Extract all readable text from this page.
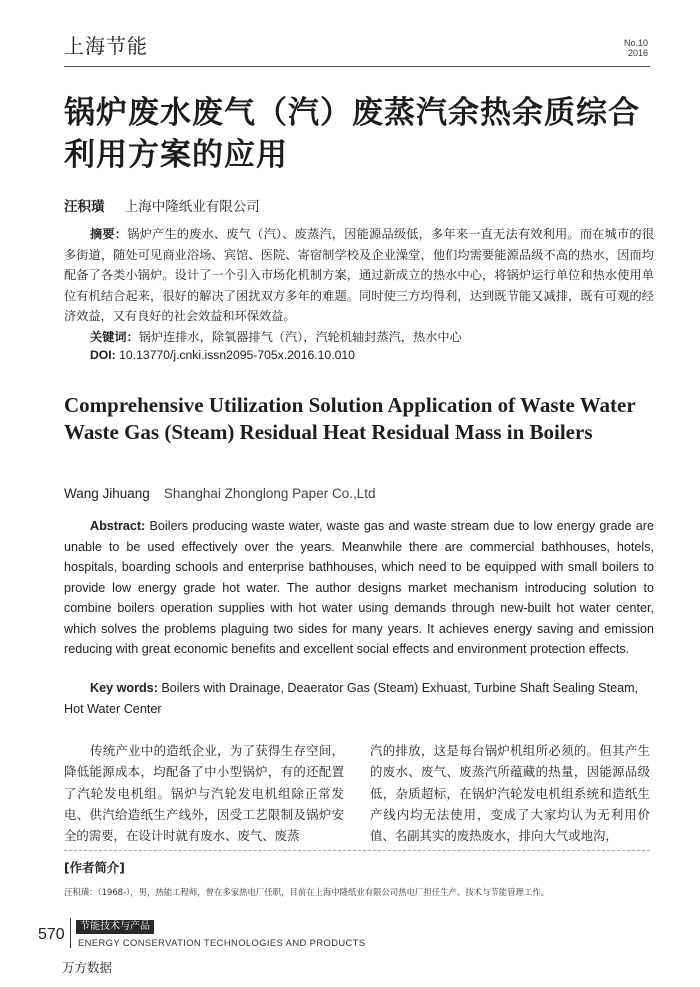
上海节能	No.10
2016
锅炉废水废气（汽）废蒸汽余热余质综合利用方案的应用
汪积璜 上海中隆纸业有限公司
摘要：锅炉产生的废水、废气（汽）、废蒸汽，因能源品级低，多年来一直无法有效利用。而在城市的很多街道，随处可见商业浴场、宾馆、医院、寄宿制学校及企业澡堂，他们均需要能源品级不高的热水，因而均配备了各类小锅炉。设计了一个引入市场化机制方案，通过新成立的热水中心，将锅炉运行单位和热水使用单位有机结合起来，很好的解决了困扰双方多年的难题。同时使三方均得利，达到既节能又减排，既有可观的经济效益，又有良好的社会效益和环保效益。
关键词：锅炉连排水，除氧器排气（汽），汽轮机轴封蒸汽，热水中心
DOI: 10.13770/j.cnki.issn2095-705x.2016.10.010
Comprehensive Utilization Solution Application of Waste Water Waste Gas (Steam) Residual Heat Residual Mass in Boilers
Wang Jihuang Shanghai Zhonglong Paper Co.,Ltd
Abstract: Boilers producing waste water, waste gas and waste stream due to low energy grade are unable to be used effectively over the years. Meanwhile there are commercial bathhouses, hotels, hospitals, boarding schools and enterprise bathhouses, which need to be equipped with small boilers to provide low energy grade hot water. The author designs market mechanism introducing solution to combine boilers operation supplies with hot water using demands through new-built hot water center, which solves the problems plaguing two sides for many years. It achieves energy saving and emission reducing with great economic benefits and excellent social effects and environment protection effects.
Key words: Boilers with Drainage, Deaerator Gas (Steam) Exhuast, Turbine Shaft Sealing Steam, Hot Water Center
传统产业中的造纸企业，为了获得生存空间，降低能源成本，均配备了中小型锅炉，有的还配置了汽轮发电机组。锅炉与汽轮发电机组除正常发电、供汽给造纸生产线外，因受工艺限制及锅炉安全的需要，在设计时就有废水、废气、废蒸
汽的排放，这是每台锅炉机组所必须的。但其产生的废水、废气、废蒸汽所蕴藏的热量，因能源品级低，杂质超标，在锅炉汽轮发电机组系统和造纸生产线内均无法使用，变成了大家均认为无利用价值、名副其实的废热废水，排向大气或地沟，
[作者简介]
汪积璜：（1968-），男，热能工程师，曾在多家热电厂任职，目前在上海中隆纸业有限公司热电厂担任生产、技术与节能管理工作。
570	节能技术与产品
ENERGY CONSERVATION TECHNOLOGIES AND PRODUCTS
万方数据
